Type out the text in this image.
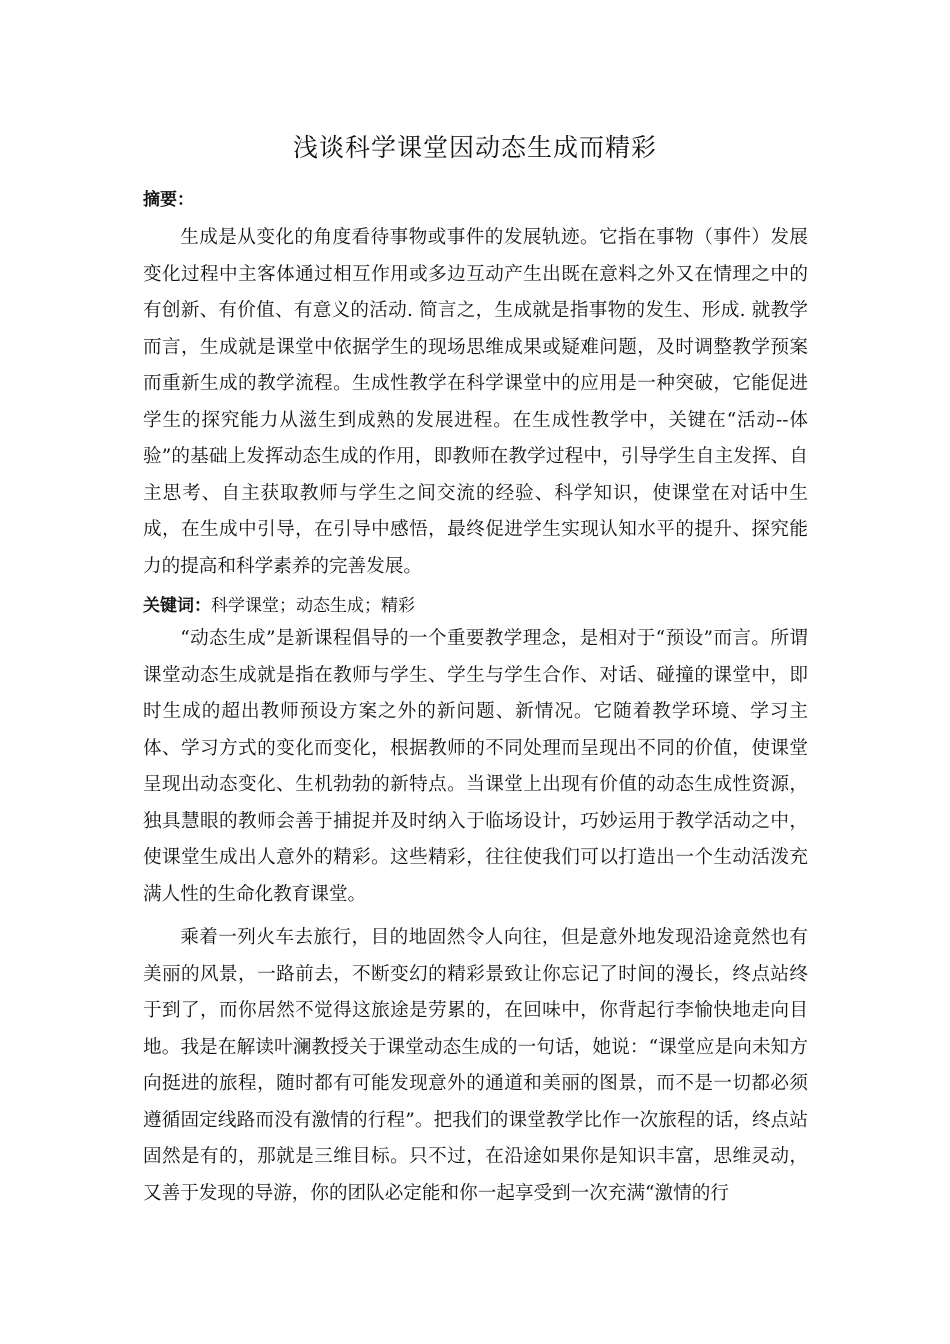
浅谈科学课堂因动态生成而精彩
摘要：

生成是从变化的角度看待事物或事件的发展轨迹。它指在事物（事件）发展变化过程中主客体通过相互作用或多边互动产生出既在意料之外又在情理之中的有创新、有价值、有意义的活动. 简言之，生成就是指事物的发生、形成. 就教学而言，生成就是课堂中依据学生的现场思维成果或疑难问题，及时调整教学预案而重新生成的教学流程。生成性教学在科学课堂中的应用是一种突破，它能促进学生的探究能力从滋生到成熟的发展进程。在生成性教学中，关键在“活动--体验”的基础上发挥动态生成的作用，即教师在教学过程中，引导学生自主发挥、自主思考、自主获取教师与学生之间交流的经验、科学知识，使课堂在对话中生成，在生成中引导，在引导中感悟，最终促进学生实现认知水平的提升、探究能力的提高和科学素养的完善发展。

关键词：科学课堂；动态生成；精彩

“动态生成”是新课程倡导的一个重要教学理念，是相对于“预设”而言。所谓课堂动态生成就是指在教师与学生、学生与学生合作、对话、碰撞的课堂中，即时生成的超出教师预设方案之外的新问题、新情况。它随着教学环境、学习主体、学习方式的变化而变化，根据教师的不同处理而呈现出不同的价值，使课堂呈现出动态变化、生机勃勃的新特点。当课堂上出现有价值的动态生成性资源，独具慧眼的教师会善于捕捉并及时纳入于临场设计，巧妙运用于教学活动之中，使课堂生成出人意外的精彩。这些精彩，往往使我们可以打造出一个生动活泼充满人性的生命化教育课堂。

乘着一列火车去旅行，目的地固然令人向往，但是意外地发现沿途竟然也有美丽的风景，一路前去，不断变幻的精彩景致让你忘记了时间的漫长，终点站终于到了，而你居然不觉得这旅途是劳累的，在回味中，你背起行李愉快地走向目地。我是在解读叶澜教授关于课堂动态生成的一句话，她说：“课堂应是向未知方向挺进的旅程，随时都有可能发现意外的通道和美丽的图景，而不是一切都必须遵循固定线路而没有激情的行程”。把我们的课堂教学比作一次旅程的话，终点站固然是有的，那就是三维目标。只不过，在沿途如果你是知识丰富，思维灵动，又善于发现的导游，你的团队必定能和你一起享受到一次充满“激情的行
